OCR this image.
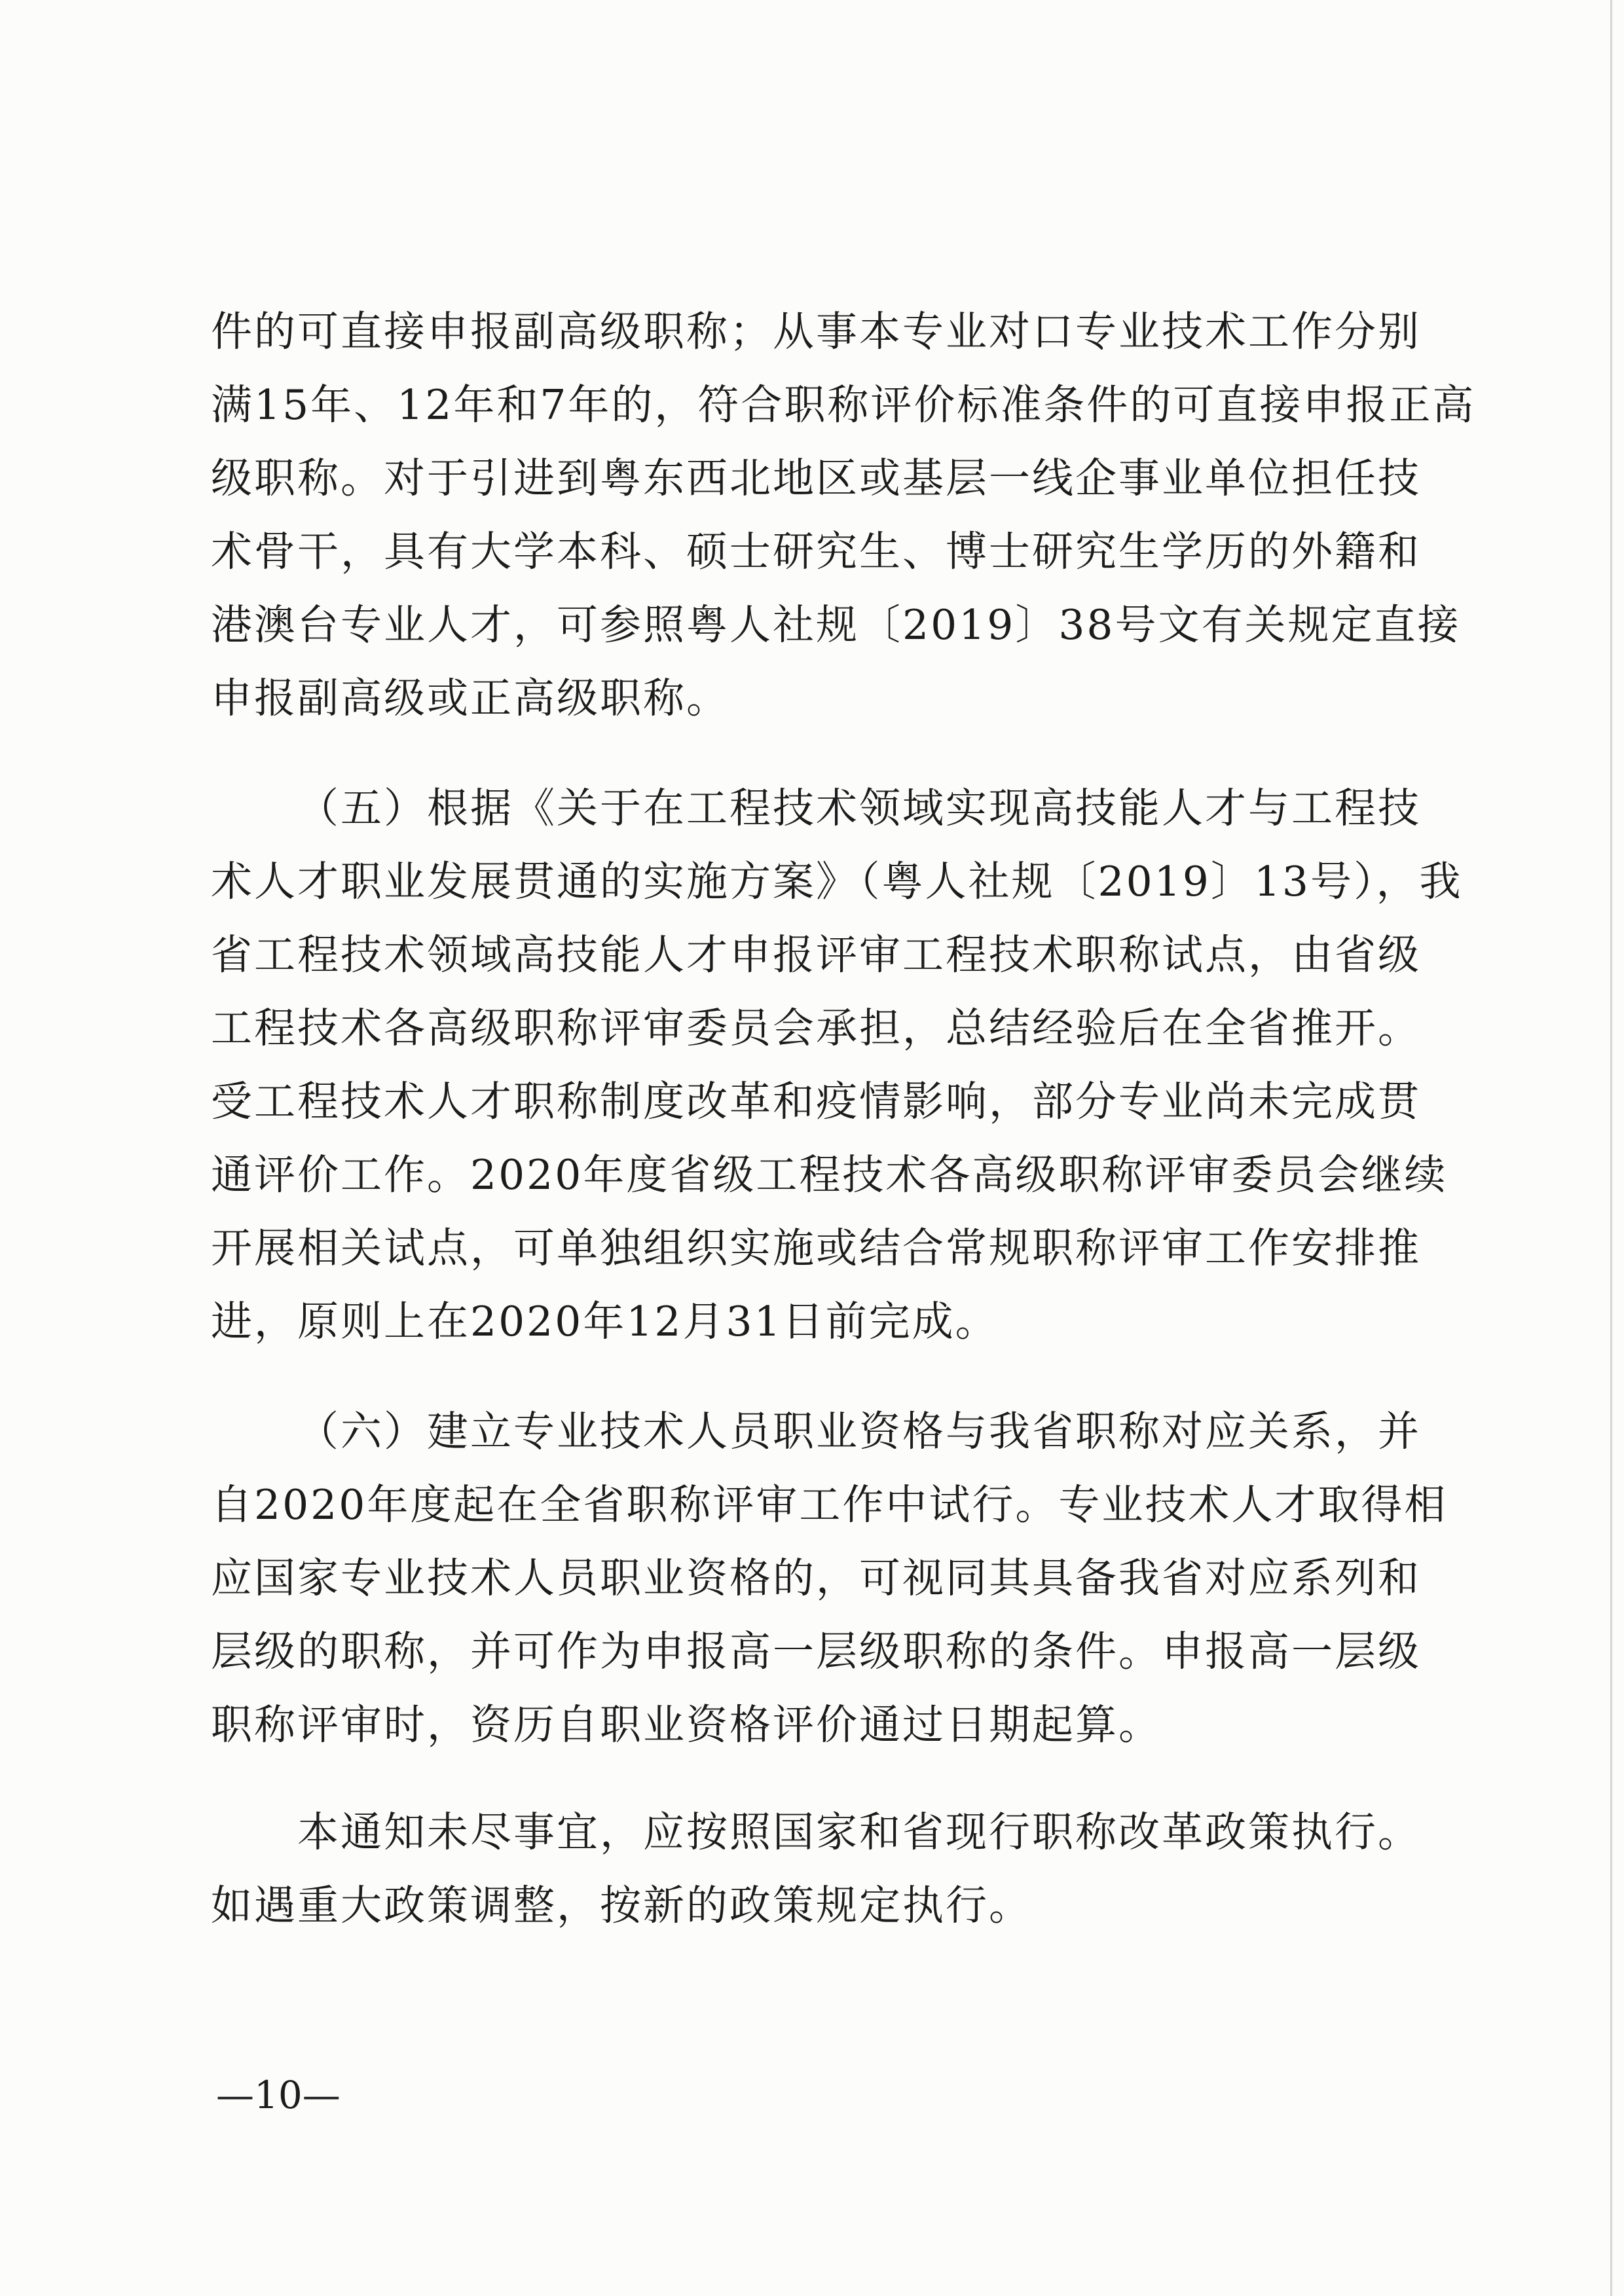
件的可直接申报副高级职称；从事本专业对口专业技术工作分别
满15年、12年和7年的，符合职称评价标准条件的可直接申报正高
级职称。对于引进到粤东西北地区或基层一线企事业单位担任技
术骨干，具有大学本科、硕士研究生、博士研究生学历的外籍和
港澳台专业人才，可参照粤人社规〔2019〕38号文有关规定直接
申报副高级或正高级职称。
（五）根据《关于在工程技术领域实现高技能人才与工程技
术人才职业发展贯通的实施方案》（粤人社规〔2019〕13号），我
省工程技术领域高技能人才申报评审工程技术职称试点，由省级
工程技术各高级职称评审委员会承担，总结经验后在全省推开。
受工程技术人才职称制度改革和疫情影响，部分专业尚未完成贯
通评价工作。2020年度省级工程技术各高级职称评审委员会继续
开展相关试点，可单独组织实施或结合常规职称评审工作安排推
进，原则上在2020年12月31日前完成。
（六）建立专业技术人员职业资格与我省职称对应关系，并
自2020年度起在全省职称评审工作中试行。专业技术人才取得相
应国家专业技术人员职业资格的，可视同其具备我省对应系列和
层级的职称，并可作为申报高一层级职称的条件。申报高一层级
职称评审时，资历自职业资格评价通过日期起算。
本通知未尽事宜，应按照国家和省现行职称改革政策执行。
如遇重大政策调整，按新的政策规定执行。
—10—
